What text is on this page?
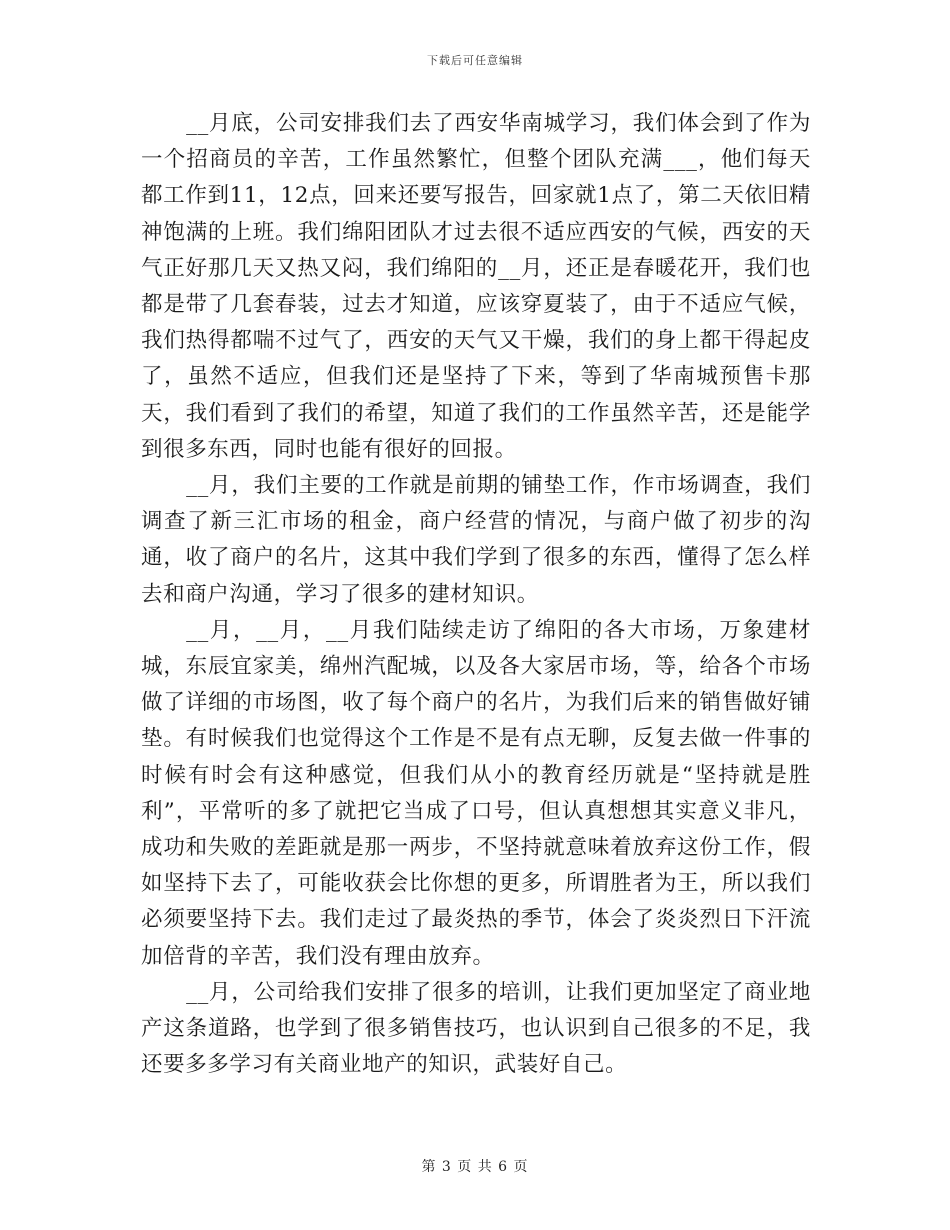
下载后可任意编辑

__月底，公司安排我们去了西安华南城学习，我们体会到了作为一个招商员的辛苦，工作虽然繁忙，但整个团队充满___，他们每天都工作到11，12点，回来还要写报告，回家就1点了，第二天依旧精神饱满的上班。我们绵阳团队才过去很不适应西安的气候，西安的天气正好那几天又热又闷，我们绵阳的__月，还正是春暖花开，我们也都是带了几套春装，过去才知道，应该穿夏装了，由于不适应气候，我们热得都喘不过气了，西安的天气又干燥，我们的身上都干得起皮了，虽然不适应，但我们还是坚持了下来，等到了华南城预售卡那天，我们看到了我们的希望，知道了我们的工作虽然辛苦，还是能学到很多东西，同时也能有很好的回报。

__月，我们主要的工作就是前期的铺垫工作，作市场调查，我们调查了新三汇市场的租金，商户经营的情况，与商户做了初步的沟通，收了商户的名片，这其中我们学到了很多的东西，懂得了怎么样去和商户沟通，学习了很多的建材知识。

__月，__月，__月我们陆续走访了绵阳的各大市场，万象建材城，东辰宜家美，绵州汽配城，以及各大家居市场，等，给各个市场做了详细的市场图，收了每个商户的名片，为我们后来的销售做好铺垫。有时候我们也觉得这个工作是不是有点无聊，反复去做一件事的时候有时会有这种感觉，但我们从小的教育经历就是“坚持就是胜利”，平常听的多了就把它当成了口号，但认真想想其实意义非凡，成功和失败的差距就是那一两步，不坚持就意味着放弃这份工作，假如坚持下去了，可能收获会比你想的更多，所谓胜者为王，所以我们必须要坚持下去。我们走过了最炎热的季节，体会了炎炎烈日下汗流加倍背的辛苦，我们没有理由放弃。

__月，公司给我们安排了很多的培训，让我们更加坚定了商业地产这条道路，也学到了很多销售技巧，也认识到自己很多的不足，我还要多多学习有关商业地产的知识，武装好自己。

第 3 页 共 6 页
